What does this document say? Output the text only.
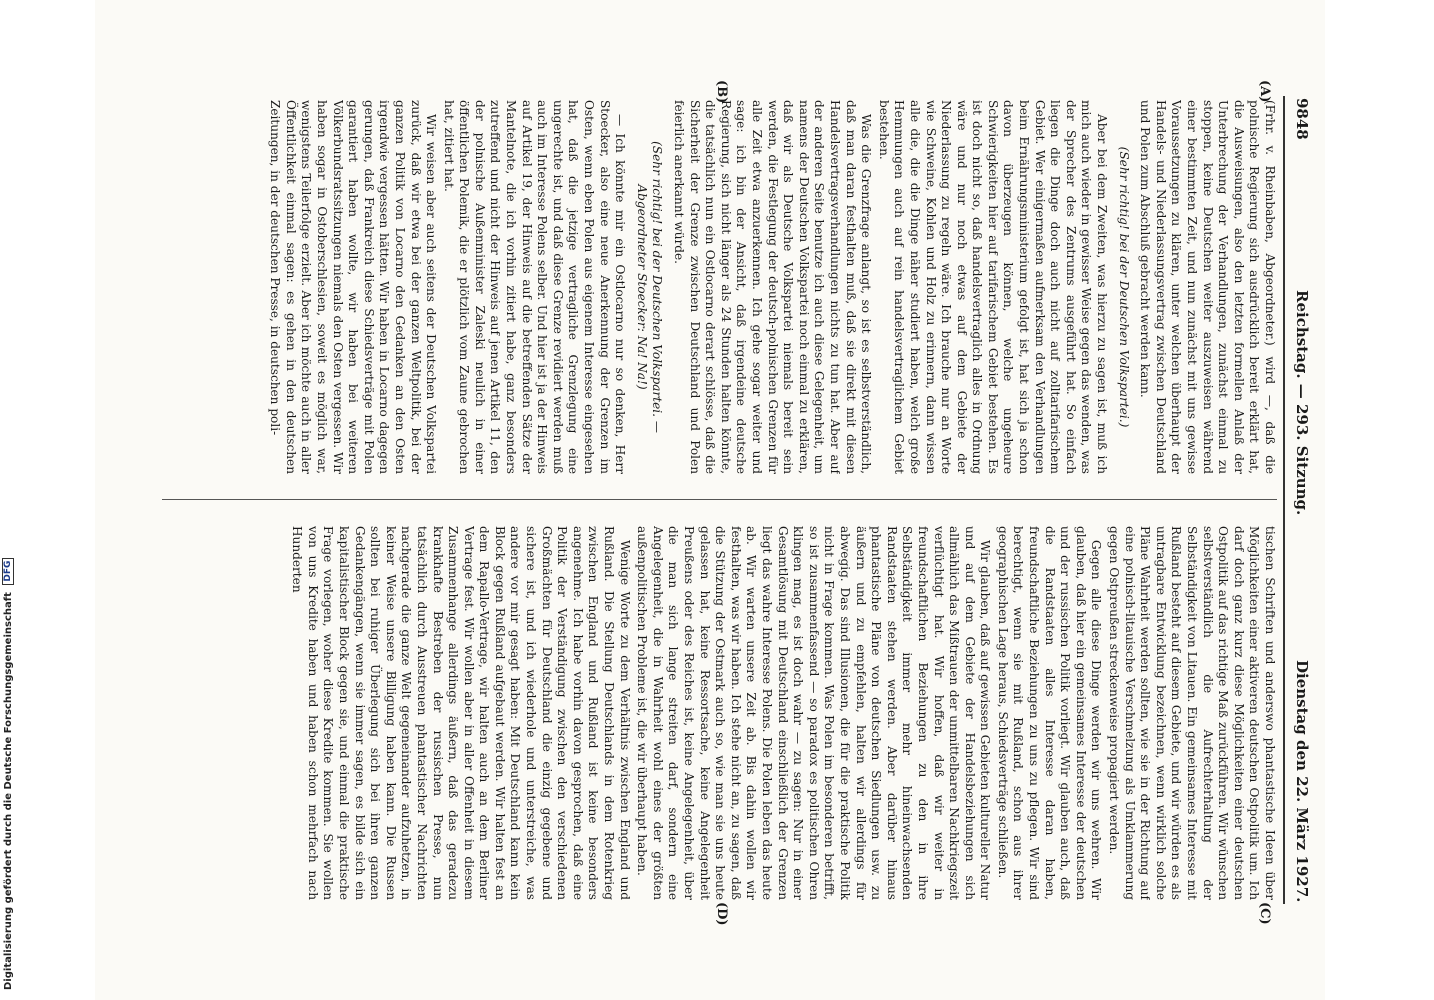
9848
Reichstag. — 293. Sitzung.
Dienstag den 22. März 1927.
(A)
(B)
(C)
(D)

(Frhr. v. Rheinbaben, Abgeordneter.) wird —, daß die polnische Regierung sich ausdrücklich bereit erklärt hat, die Ausweisungen, also den letzten formellen Anlaß der Unterbrechung der Verhandlungen, zunächst einmal zu stoppen, keine Deutschen weiter auszuweisen während einer bestimmten Zeit, und nun zunächst mit uns gewisse Voraussetzungen zu klären, unter welchen überhaupt der Handels- und Niederlassungsvertrag zwischen Deutschland und Polen zum Abschluß gebracht werden kann.

(Sehr richtig! bei der Deutschen Volkspartei.)

Aber bei dem Zweiten, was hierzu zu sagen ist, muß ich mich auch wieder in gewisser Weise gegen das wenden, was der Sprecher des Zentrums ausgeführt hat. So einfach liegen die Dinge doch auch nicht auf zolltarifarischem Gebiet. Wer einigermaßen aufmerksam den Verhandlungen beim Ernährungsministerium gefolgt ist, hat sich ja schon davon überzeugen können, welche ungeheure Schwierigkeiten hier auf tarifarischem Gebiet bestehen. Es ist doch nicht so, daß handelsvertraglich alles in Ordnung wäre und nur noch etwas auf dem Gebiete der Niederlassung zu regeln wäre. Ich brauche nur an Worte wie Schweine, Kohlen und Holz zu erinnern, dann wissen alle die, die die Dinge näher studiert haben, welch große Hemmungen auch auf rein handelsvertraglichem Gebiet bestehen.

Was die Grenzfrage anlangt, so ist es selbstverständlich, daß man daran festhalten muß, daß sie direkt mit diesen Handelsvertragsverhandlungen nichts zu tun hat. Aber auf der anderen Seite benutze ich auch diese Gelegenheit, um namens der Deutschen Volkspartei noch einmal zu erklären, daß wir als Deutsche Volkspartei niemals bereit sein werden, die Festlegung der deutsch-polnischen Grenzen für alle Zeit etwa anzuerkennen. Ich gehe sogar weiter und sage: ich bin der Ansicht, daß irgendeine deutsche Regierung, sich nicht länger als 24 Stunden halten könnte, die tatsächlich nun ein Ostlocarno derart schlösse, daß die Sicherheit der Grenze zwischen Deutschland und Polen feierlich anerkannt würde.

(Sehr richtig! bei der Deutschen Volkspartei. — Abgeordneter Stoecker: Na! Na!)

— Ich könnte mir ein Ostlocarno nur so denken, Herr Stoecker, also eine neue Anerkennung der Grenzen im Osten, wenn eben Polen aus eigenem Interesse eingesehen hat, daß die jetzige vertragliche Grenzlegung eine ungerechte ist, und daß diese Grenze revidiert werden muß auch im Interesse Polens selber. Und hier ist ja der Hinweis auf Artikel 19, der Hinweis auf die betreffenden Sätze der Mantelnote, die ich vorhin zitiert habe, ganz besonders zutreffend und nicht der Hinweis auf jenen Artikel 11, den der polnische Außenminister Zaleski neulich in einer öffentlichen Polemik, die er plötzlich vom Zaune gebrochen hat, zitiert hat.

Wir weisen aber auch seitens der Deutschen Volkspartei zurück, daß wir etwa bei der ganzen Weltpolitik, bei der ganzen Politik von Locarno den Gedanken an den Osten irgendwie vergessen hätten. Wir haben in Locarno dagegen gerungen, daß Frankreich diese Schiedsverträge mit Polen garantiert haben wollte, wir haben bei weiteren Völkerbundsratssitzungen niemals den Osten vergessen. Wir haben sogar in Ostoberschlesien, soweit es möglich war, wenigstens Teilerfolge erzielt. Aber ich möchte auch in aller Öffentlichkeit einmal sagen: es gehen in den deutschen Zeitungen, in der deutschen Presse, in deutschen poli-

tischen Schriften und anderswo phantastische Ideen über Möglichkeiten einer aktiveren deutschen Ostpolitik um. Ich darf doch ganz kurz diese Möglichkeiten einer deutschen Ostpolitik auf das richtige Maß zurückführen. Wir wünschen selbstverständlich die Aufrechterhaltung der Selbständigkeit von Litauen. Ein gemeinsames Interesse mit Rußland besteht auf diesem Gebiete, und wir würden es als untragbare Entwicklung bezeichnen, wenn wirklich solche Pläne Wahrheit werden sollten, wie sie in der Richtung auf eine polnisch-litauische Verschmelzung als Umklammerung gegen Ostpreußen streckenweise propagiert werden.

Gegen alle diese Dinge werden wir uns wehren. Wir glauben, daß hier ein gemeinsames Interesse der deutschen und der russischen Politik vorliegt. Wir glauben auch, daß die Randstaaten alles Interesse daran haben, freundschaftliche Beziehungen zu uns zu pflegen. Wir sind berechtigt, wenn sie mit Rußland, schon aus ihrer geographischen Lage heraus, Schiedsverträge schließen.

Wir glauben, daß auf gewissen Gebieten kultureller Natur und auf dem Gebiete der Handelsbeziehungen sich allmählich das Mißtrauen der unmittelbaren Nachkriegszeit verflüchtigt hat. Wir hoffen, daß wir weiter in freundschaftlichen Beziehungen zu den in ihre Selbständigkeit immer mehr hineinwachsenden Randstaaten stehen werden. Aber darüber hinaus phantastische Pläne von deutschen Siedlungen usw. zu äußern und zu empfehlen, halten wir allerdings für abwegig. Das sind Illusionen, die für die praktische Politik nicht in Frage kommen. Was Polen im besonderen betrifft, so ist zusammenfassend — so paradox es politischen Ohren klingen mag, es ist doch wahr — zu sagen: Nur in einer Gesamtlösung mit Deutschland einschließlich der Grenzen liegt das wahre Interesse Polens. Die Polen leben das heute ab. Wir warten unsere Zeit ab. Bis dahin wollen wir festhalten, was wir haben. Ich stehe nicht an, zu sagen, daß die Stützung der Ostmark auch so, wie man sie uns heute gelassen hat, keine Ressortsache, keine Angelegenheit Preußens oder des Reiches ist, keine Angelegenheit, über die man sich lange streiten darf, sondern eine Angelegenheit, die in Wahrheit wohl eines der größten außenpolitischen Probleme ist, die wir überhaupt haben.

Wenige Worte zu dem Verhältnis zwischen England und Rußland. Die Stellung Deutschlands in dem Rotenkrieg zwischen England und Rußland ist keine besonders angenehme. Ich habe vorhin davon gesprochen, daß eine Politik der Verständigung zwischen den verschiedenen Großmächten für Deutschland die einzig gegebene und sichere ist, und ich wiederhole und unterstreiche, was andere vor mir gesagt haben: Mit Deutschland kann kein Block gegen Rußland aufgebaut werden. Wir halten fest an dem Rapallo-Vertrage, wir halten auch an dem Berliner Vertrage fest. Wir wollen aber in aller Offenheit in diesem Zusammenhange allerdings äußern, daß das geradezu krankhafte Bestreben der russischen Presse, nun tatsächlich durch Ausstreuen phantastischer Nachrichten nachgerade die ganze Welt gegeneinander aufzuhetzen, in keiner Weise unsere Billigung haben kann. Die Russen sollten bei ruhiger Überlegung sich bei ihren ganzen Gedankengängen, wenn sie immer sagen, es bilde sich ein kapitalistischer Block gegen sie, und einmal die praktische Frage vorlegen, woher diese Kredite kommen. Sie wollen von uns Kredite haben und haben schon mehrfach nach Hunderten

Digitalisierung gefördert durch die Deutsche Forschungsgemeinschaft DFG
